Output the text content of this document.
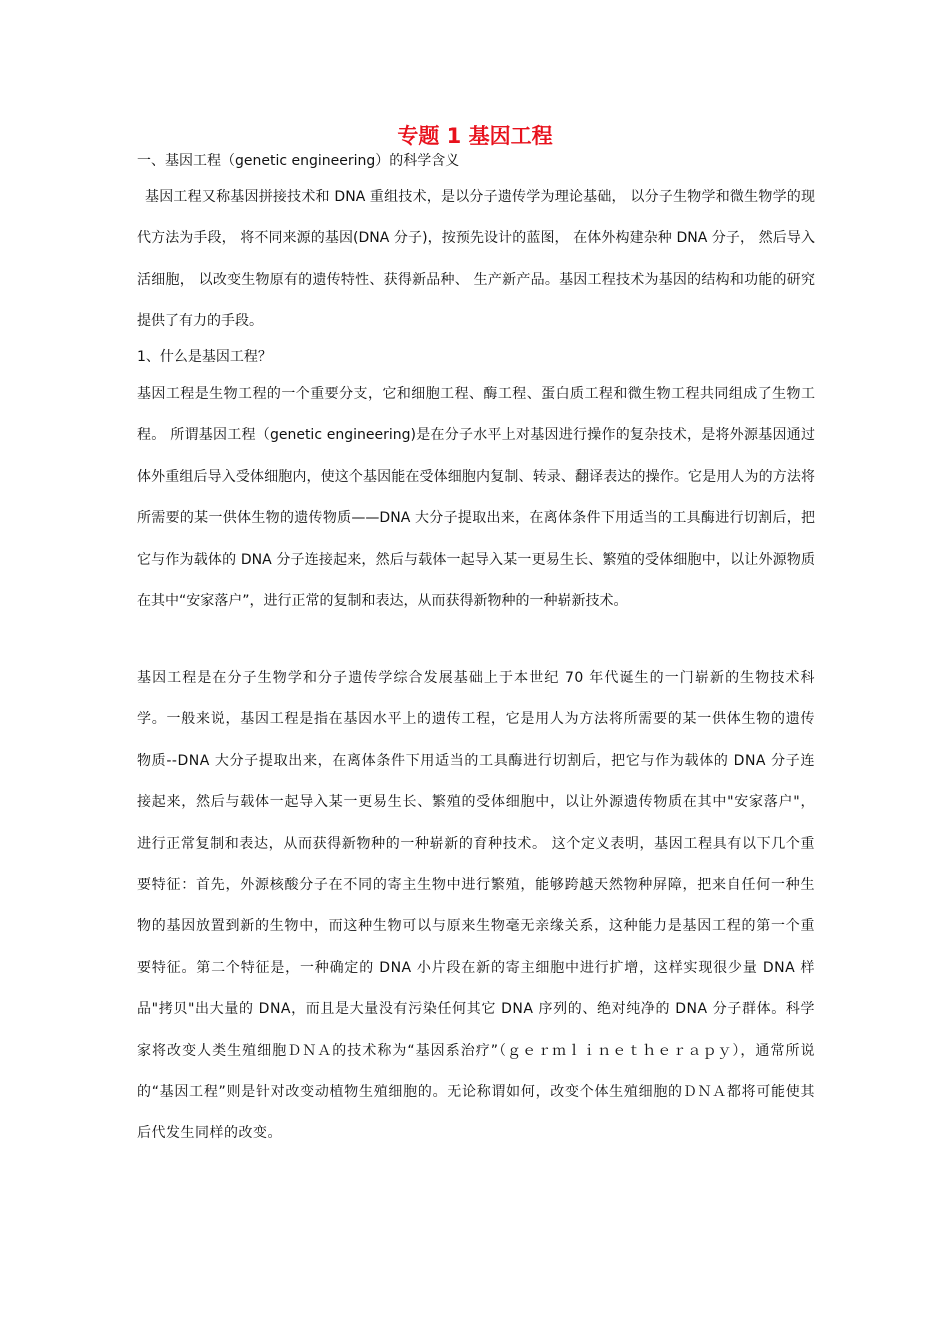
专题 1 基因工程
一、基因工程（genetic engineering）的科学含义

基因工程又称基因拼接技术和 DNA 重组技术，是以分子遗传学为理论基础， 以分子生物学和微生物学的现代方法为手段， 将不同来源的基因(DNA 分子)，按预先设计的蓝图， 在体外构建杂种 DNA 分子， 然后导入活细胞， 以改变生物原有的遗传特性、获得新品种、 生产新产品。基因工程技术为基因的结构和功能的研究提供了有力的手段。

1、什么是基因工程？

基因工程是生物工程的一个重要分支，它和细胞工程、酶工程、蛋白质工程和微生物工程共同组成了生物工程。 所谓基因工程（genetic engineering)是在分子水平上对基因进行操作的复杂技术，是将外源基因通过体外重组后导入受体细胞内，使这个基因能在受体细胞内复制、转录、翻译表达的操作。它是用人为的方法将所需要的某一供体生物的遗传物质——DNA 大分子提取出来，在离体条件下用适当的工具酶进行切割后，把它与作为载体的 DNA 分子连接起来，然后与载体一起导入某一更易生长、繁殖的受体细胞中，以让外源物质在其中“安家落户”，进行正常的复制和表达，从而获得新物种的一种崭新技术。

基因工程是在分子生物学和分子遗传学综合发展基础上于本世纪 70 年代诞生的一门崭新的生物技术科学。一般来说，基因工程是指在基因水平上的遗传工程，它是用人为方法将所需要的某一供体生物的遗传物质--DNA 大分子提取出来，在离体条件下用适当的工具酶进行切割后，把它与作为载体的 DNA 分子连接起来，然后与载体一起导入某一更易生长、繁殖的受体细胞中，以让外源遗传物质在其中"安家落户"，进行正常复制和表达，从而获得新物种的一种崭新的育种技术。 这个定义表明，基因工程具有以下几个重要特征：首先，外源核酸分子在不同的寄主生物中进行繁殖，能够跨越天然物种屏障，把来自任何一种生物的基因放置到新的生物中，而这种生物可以与原来生物毫无亲缘关系，这种能力是基因工程的第一个重要特征。第二个特征是，一种确定的 DNA 小片段在新的寄主细胞中进行扩增，这样实现很少量 DNA 样品"拷贝"出大量的 DNA，而且是大量没有污染任何其它 DNA 序列的、绝对纯净的 DNA 分子群体。科学家将改变人类生殖细胞ＤＮＡ的技术称为“基因系治疗”（ｇｅｒｍｌｉｎｅｔｈｅｒａｐｙ），通常所说的“基因工程”则是针对改变动植物生殖细胞的。无论称谓如何，改变个体生殖细胞的ＤＮＡ都将可能使其后代发生同样的改变。
